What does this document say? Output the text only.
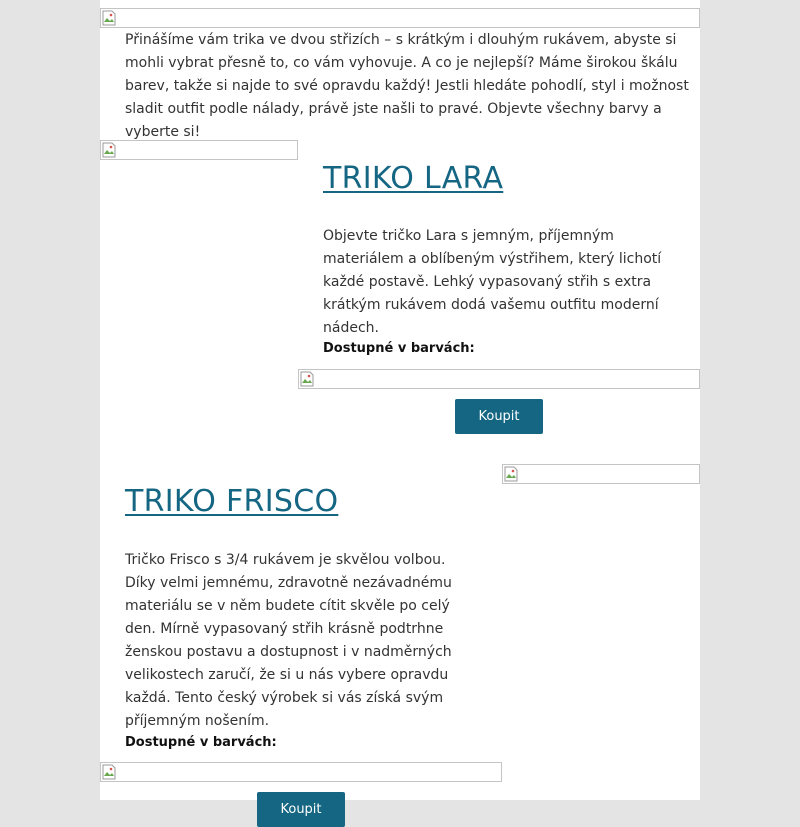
Přinášíme vám trika ve dvou střizích – s krátkým i dlouhým rukávem, abyste si mohli vybrat přesně to, co vám vyhovuje. A co je nejlepší? Máme širokou škálu barev, takže si najde to své opravdu každý! Jestli hledáte pohodlí, styl i možnost sladit outfit podle nálady, právě jste našli to pravé. Objevte všechny barvy a vyberte si!

TRIKO LARA

Objevte tričko Lara s jemným, příjemným materiálem a oblíbeným výstřihem, který lichotí každé postavě. Lehký vypasovaný střih s extra krátkým rukávem dodá vašemu outfitu moderní nádech.

Dostupné v barvách:

Koupit
TRIKO FRISCO

Tričko Frisco s 3/4 rukávem je skvělou volbou. Díky velmi jemnému, zdravotně nezávadnému materiálu se v něm budete cítit skvěle po celý den. Mírně vypasovaný střih krásně podtrhne ženskou postavu a dostupnost i v nadměrných velikostech zaručí, že si u nás vybere opravdu každá. Tento český výrobek si vás získá svým příjemným nošením.

Dostupné v barvách:

Koupit
